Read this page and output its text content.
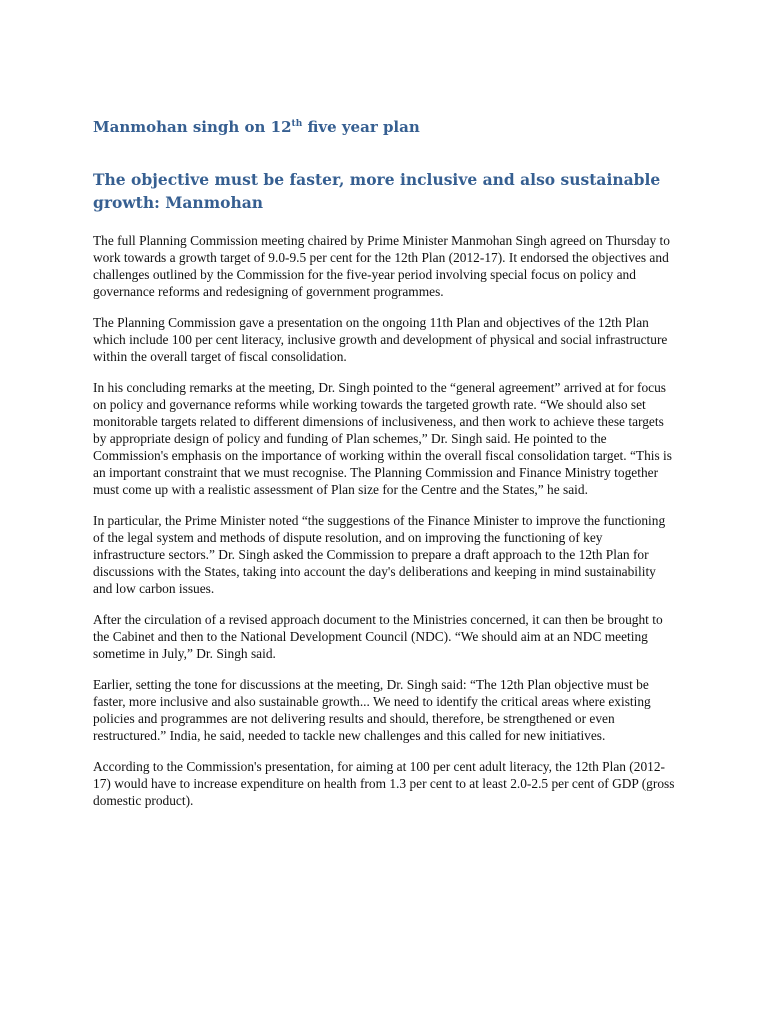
Manmohan singh on 12th five year plan
The objective must be faster, more inclusive and also sustainable growth: Manmohan

The full Planning Commission meeting chaired by Prime Minister Manmohan Singh agreed on Thursday to work towards a growth target of 9.0-9.5 per cent for the 12th Plan (2012-17). It endorsed the objectives and challenges outlined by the Commission for the five-year period involving special focus on policy and governance reforms and redesigning of government programmes.

The Planning Commission gave a presentation on the ongoing 11th Plan and objectives of the 12th Plan which include 100 per cent literacy, inclusive growth and development of physical and social infrastructure within the overall target of fiscal consolidation.

In his concluding remarks at the meeting, Dr. Singh pointed to the “general agreement” arrived at for focus on policy and governance reforms while working towards the targeted growth rate. “We should also set monitorable targets related to different dimensions of inclusiveness, and then work to achieve these targets by appropriate design of policy and funding of Plan schemes,” Dr. Singh said. He pointed to the Commission's emphasis on the importance of working within the overall fiscal consolidation target. “This is an important constraint that we must recognise. The Planning Commission and Finance Ministry together must come up with a realistic assessment of Plan size for the Centre and the States,” he said.

In particular, the Prime Minister noted “the suggestions of the Finance Minister to improve the functioning of the legal system and methods of dispute resolution, and on improving the functioning of key infrastructure sectors.” Dr. Singh asked the Commission to prepare a draft approach to the 12th Plan for discussions with the States, taking into account the day's deliberations and keeping in mind sustainability and low carbon issues.

After the circulation of a revised approach document to the Ministries concerned, it can then be brought to the Cabinet and then to the National Development Council (NDC). “We should aim at an NDC meeting sometime in July,” Dr. Singh said.

Earlier, setting the tone for discussions at the meeting, Dr. Singh said: “The 12th Plan objective must be faster, more inclusive and also sustainable growth... We need to identify the critical areas where existing policies and programmes are not delivering results and should, therefore, be strengthened or even restructured.” India, he said, needed to tackle new challenges and this called for new initiatives.

According to the Commission's presentation, for aiming at 100 per cent adult literacy, the 12th Plan (2012-17) would have to increase expenditure on health from 1.3 per cent to at least 2.0-2.5 per cent of GDP (gross domestic product).
